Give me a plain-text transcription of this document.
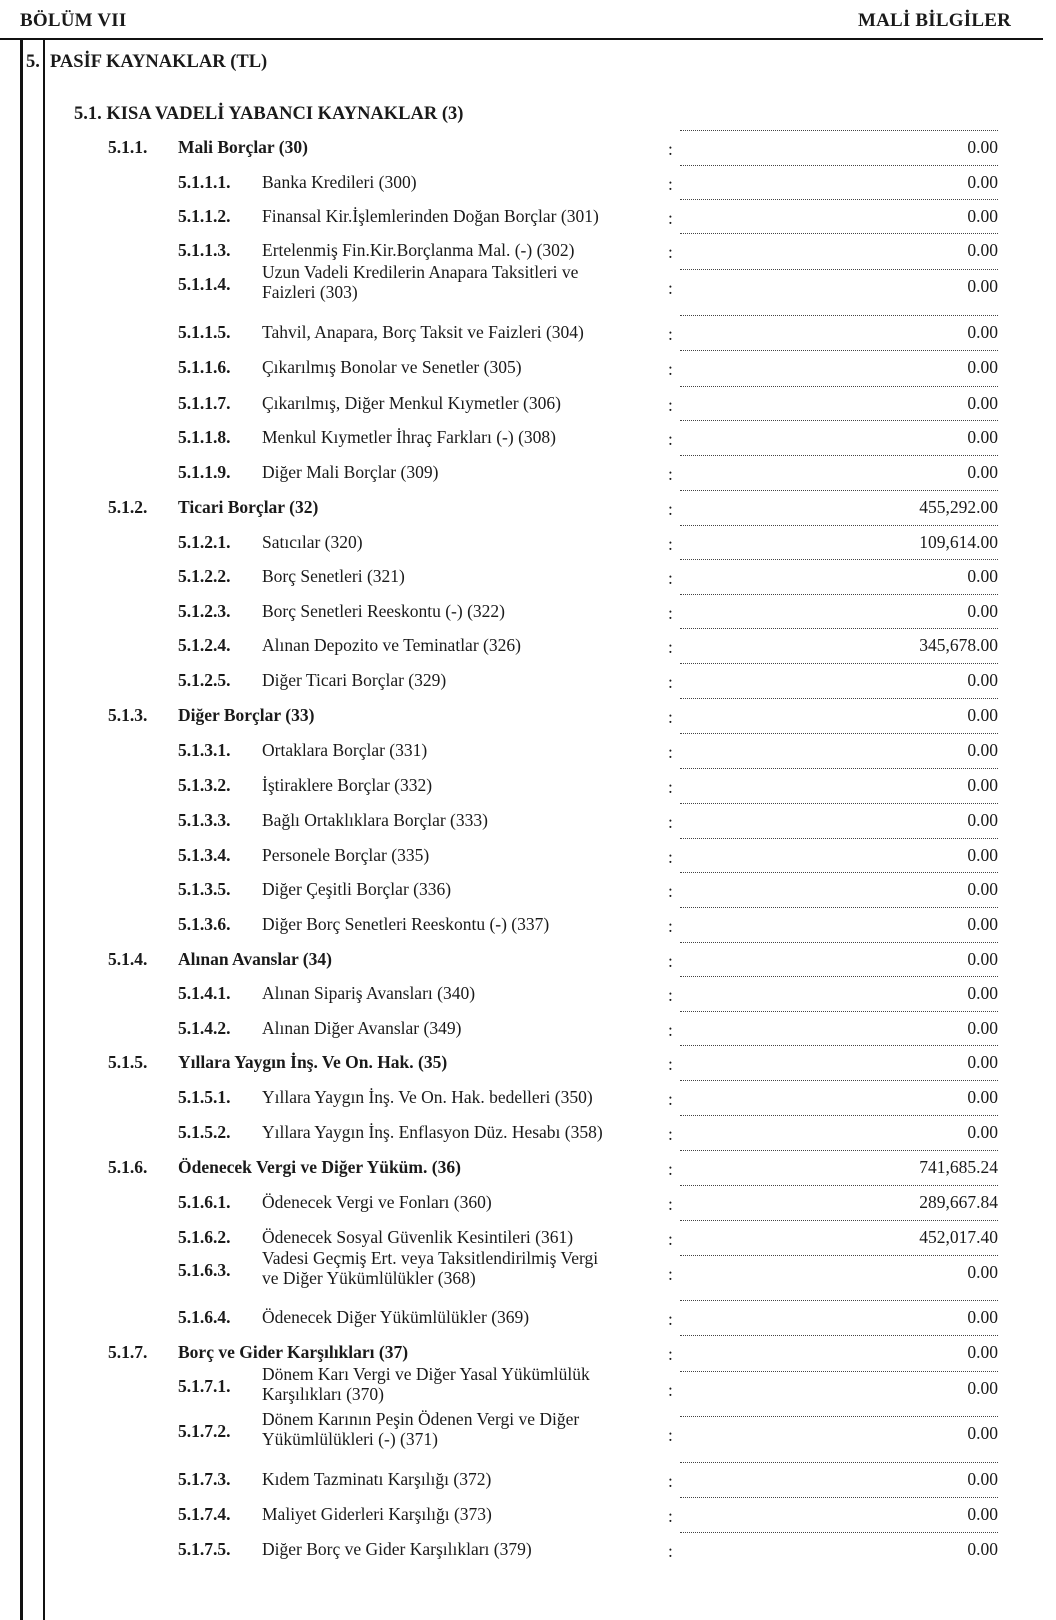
BÖLÜM VII	MALİ BİLGİLER
5. PASİF KAYNAKLAR (TL)
5.1. KISA VADELİ YABANCI KAYNAKLAR (3)
5.1.1. Mali Borçlar (30)	:	0.00
5.1.1.1. Banka Kredileri (300)	:	0.00
5.1.1.2. Finansal Kir.İşlemlerinden Doğan Borçlar (301)	:	0.00
5.1.1.3. Ertelenmiş Fin.Kir.Borçlanma Mal. (-) (302)	:	0.00
5.1.1.4.
Uzun Vadeli Kredilerin Anapara Taksitleri ve
Faizleri (303)	:	0.00
5.1.1.5. Tahvil, Anapara, Borç Taksit ve Faizleri (304)	:	0.00
5.1.1.6. Çıkarılmış Bonolar ve Senetler (305)	:	0.00
5.1.1.7. Çıkarılmış, Diğer Menkul Kıymetler (306)	:	0.00
5.1.1.8. Menkul Kıymetler İhraç Farkları (-) (308)	:	0.00
5.1.1.9. Diğer Mali Borçlar (309)	:	0.00
5.1.2. Ticari Borçlar (32)	:	455,292.00
5.1.2.1. Satıcılar (320)	:	109,614.00
5.1.2.2. Borç Senetleri (321)	:	0.00
5.1.2.3. Borç Senetleri Reeskontu (-) (322)	:	0.00
5.1.2.4. Alınan Depozito ve Teminatlar (326)	:	345,678.00
5.1.2.5. Diğer Ticari Borçlar (329)	:	0.00
5.1.3. Diğer Borçlar (33)	:	0.00
5.1.3.1. Ortaklara Borçlar (331)	:	0.00
5.1.3.2. İştiraklere Borçlar (332)	:	0.00
5.1.3.3. Bağlı Ortaklıklara Borçlar (333)	:	0.00
5.1.3.4. Personele Borçlar (335)	:	0.00
5.1.3.5. Diğer Çeşitli Borçlar (336)	:	0.00
5.1.3.6. Diğer Borç Senetleri Reeskontu (-) (337)	:	0.00
5.1.4. Alınan Avanslar (34)	:	0.00
5.1.4.1. Alınan Sipariş Avansları (340)	:	0.00
5.1.4.2. Alınan Diğer Avanslar (349)	:	0.00
5.1.5. Yıllara Yaygın İnş. Ve On. Hak. (35)	:	0.00
5.1.5.1. Yıllara Yaygın İnş. Ve On. Hak. bedelleri (350)	:	0.00
5.1.5.2. Yıllara Yaygın İnş. Enflasyon Düz. Hesabı (358)	:	0.00
5.1.6. Ödenecek Vergi ve Diğer Yüküm. (36)	:	741,685.24
5.1.6.1. Ödenecek Vergi ve Fonları (360)	:	289,667.84
5.1.6.2. Ödenecek Sosyal Güvenlik Kesintileri (361)	:	452,017.40
5.1.6.3.
Vadesi Geçmiş Ert. veya Taksitlendirilmiş Vergi
ve Diğer Yükümlülükler (368)	:	0.00
5.1.6.4. Ödenecek Diğer Yükümlülükler (369)	:	0.00
5.1.7. Borç ve Gider Karşılıkları (37)	:	0.00
5.1.7.1.
Dönem Karı Vergi ve Diğer Yasal Yükümlülük
Karşılıkları (370)	:	0.00
5.1.7.2.
Dönem Karının Peşin Ödenen Vergi ve Diğer
Yükümlülükleri (-) (371)	:	0.00
5.1.7.3. Kıdem Tazminatı Karşılığı (372)	:	0.00
5.1.7.4. Maliyet Giderleri Karşılığı (373)	:	0.00
5.1.7.5. Diğer Borç ve Gider Karşılıkları (379)	:	0.00
